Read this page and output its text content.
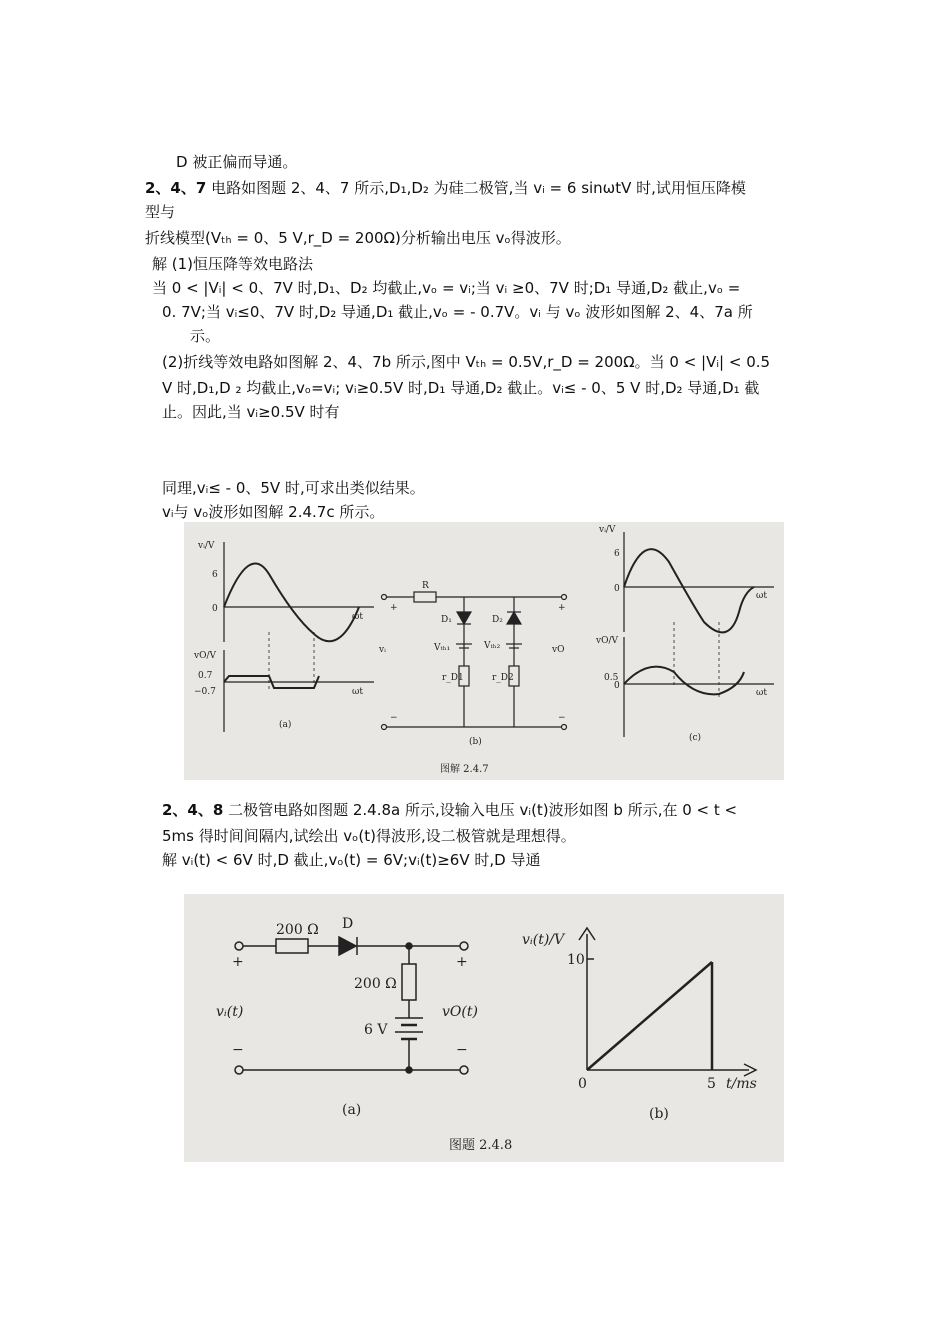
D 被正偏而导通。
2、4、7 电路如图题 2、4、7 所示,D₁,D₂ 为硅二极管,当 vᵢ = 6 sinωtV 时,试用恒压降模
型与
折线模型(Vₜₕ = 0、5 V,r_D = 200Ω)分析输出电压 vₒ得波形。
解 (1)恒压降等效电路法
当 0 < |Vᵢ| < 0、7V 时,D₁、D₂ 均截止,vₒ = vᵢ;当 vᵢ ≥0、7V 时;D₁ 导通,D₂ 截止,vₒ =
0. 7V;当 vᵢ≤0、7V 时,D₂ 导通,D₁ 截止,vₒ = - 0.7V。vᵢ 与 vₒ 波形如图解 2、4、7a 所
示。
(2)折线等效电路如图解 2、4、7b 所示,图中 Vₜₕ = 0.5V,r_D = 200Ω。当 0 < |Vᵢ| < 0.5
V 时,D₁,D ₂ 均截止,vₒ=vᵢ; vᵢ≥0.5V 时,D₁ 导通,D₂ 截止。vᵢ≤ - 0、5 V 时,D₂ 导通,D₁ 截
止。因此,当 vᵢ≥0.5V 时有
同理,vᵢ≤ - 0、5V 时,可求出类似结果。
vᵢ与 vₒ波形如图解 2.4.7c 所示。
vᵢ/V
6
0
ωt
vO/V
0.7
−0.7	ωt
(a)
R
D₁	D₂
Vₜₕ₁	Vₜₕ₂
r_D1	r_D2
vᵢ	vO
+	+
−	−
(b)
vᵢ/V
6
0
ωt
vO/V
0.5
0
ωt
(c)
图解 2.4.7
2、4、8 二极管电路如图题 2.4.8a 所示,设输入电压 vᵢ(t)波形如图 b 所示,在 0 < t <
5ms 得时间间隔内,试绘出 vₒ(t)得波形,设二极管就是理想得。
解 vᵢ(t) < 6V 时,D 截止,vₒ(t) = 6V;vᵢ(t)≥6V 时,D 导通
200 Ω D
200 Ω
6 V
+	+
−	−
vᵢ(t)	vO(t)
(a)
vᵢ(t)/V
10
0	5 t/ms
(b)
图题 2.4.8
